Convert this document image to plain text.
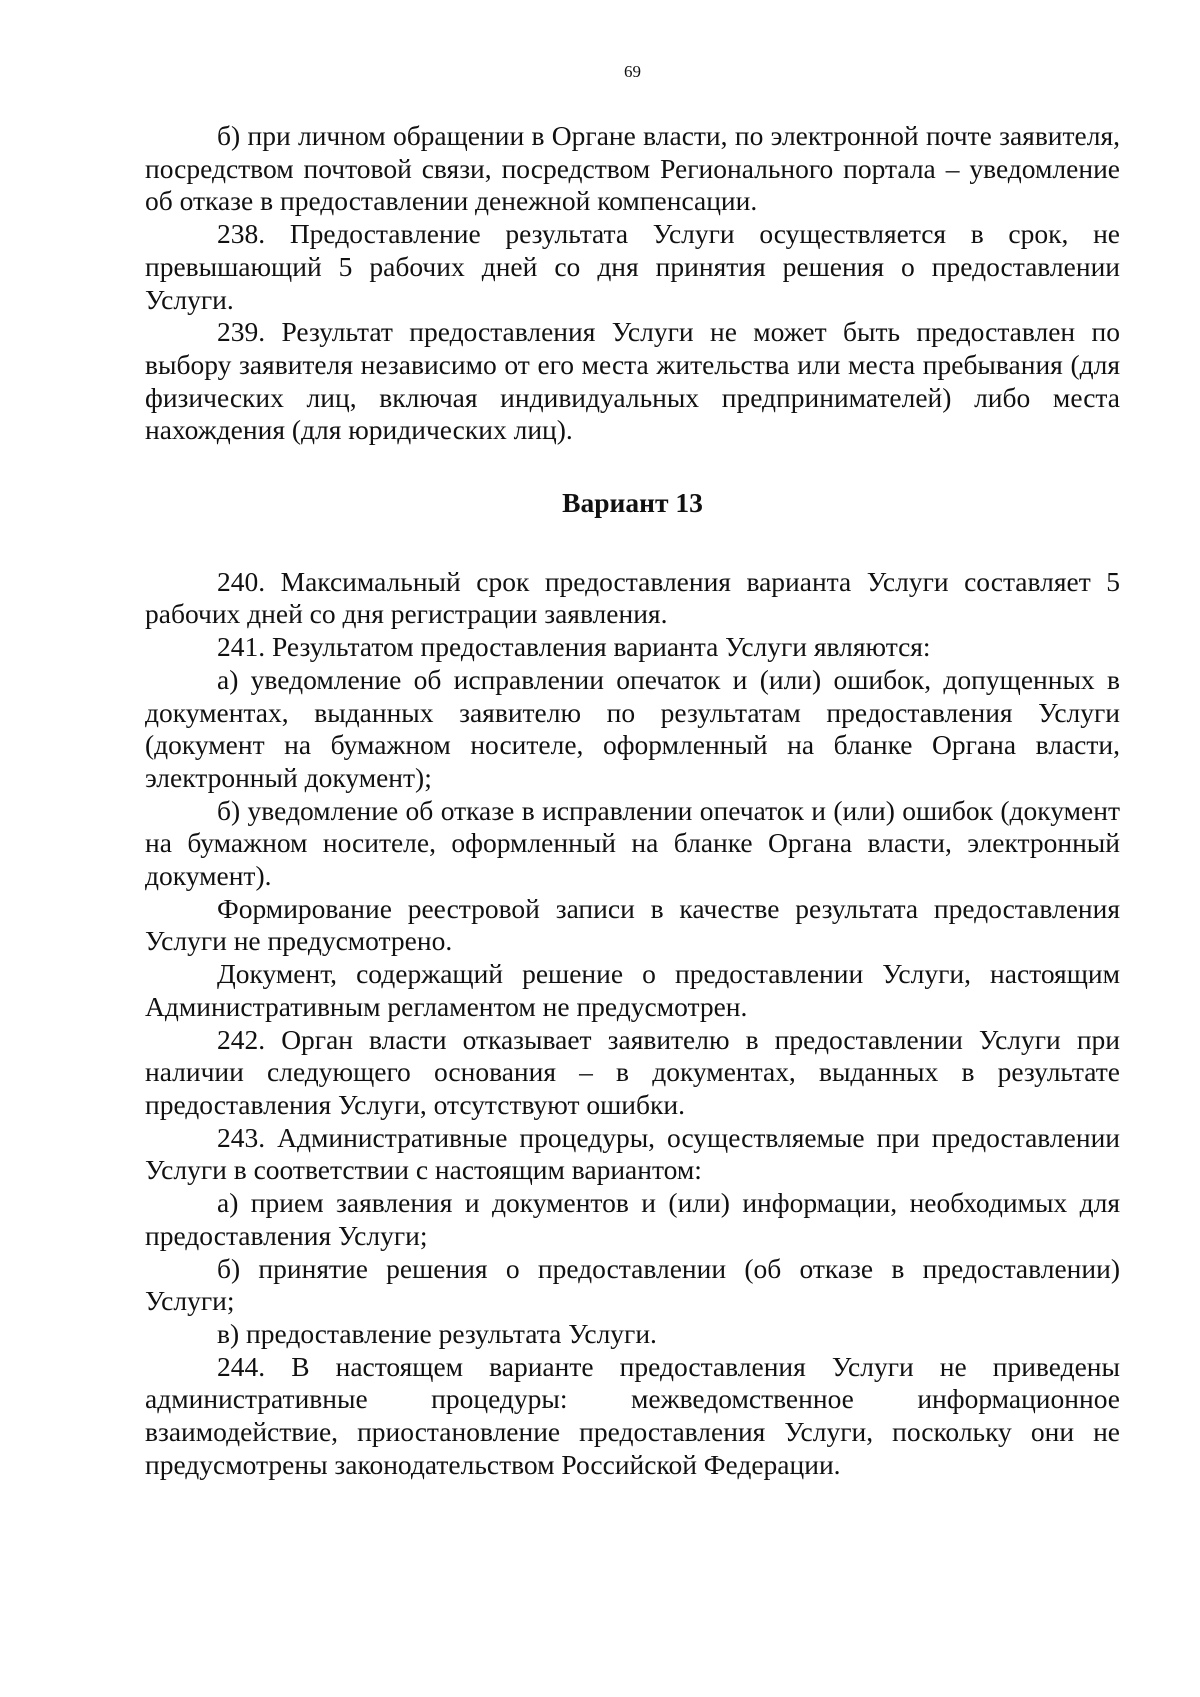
69

б) при личном обращении в Органе власти, по электронной почте заявителя, посредством почтовой связи, посредством Регионального портала – уведомление об отказе в предоставлении денежной компенсации.

238. Предоставление результата Услуги осуществляется в срок, не превышающий 5 рабочих дней со дня принятия решения о предоставлении Услуги.

239. Результат предоставления Услуги не может быть предоставлен по выбору заявителя независимо от его места жительства или места пребывания (для физических лиц, включая индивидуальных предпринимателей) либо места нахождения (для юридических лиц).

Вариант 13

240. Максимальный срок предоставления варианта Услуги составляет 5 рабочих дней со дня регистрации заявления.

241. Результатом предоставления варианта Услуги являются:

а) уведомление об исправлении опечаток и (или) ошибок, допущенных в документах, выданных заявителю по результатам предоставления Услуги (документ на бумажном носителе, оформленный на бланке Органа власти, электронный документ);

б) уведомление об отказе в исправлении опечаток и (или) ошибок (документ на бумажном носителе, оформленный на бланке Органа власти, электронный документ).

Формирование реестровой записи в качестве результата предоставления Услуги не предусмотрено.

Документ, содержащий решение о предоставлении Услуги, настоящим Административным регламентом не предусмотрен.

242. Орган власти отказывает заявителю в предоставлении Услуги при наличии следующего основания – в документах, выданных в результате предоставления Услуги, отсутствуют ошибки.

243. Административные процедуры, осуществляемые при предоставлении Услуги в соответствии с настоящим вариантом:

а) прием заявления и документов и (или) информации, необходимых для предоставления Услуги;

б) принятие решения о предоставлении (об отказе в предоставлении) Услуги;

в) предоставление результата Услуги.

244. В настоящем варианте предоставления Услуги не приведены административные процедуры: межведомственное информационное взаимодействие, приостановление предоставления Услуги, поскольку они не предусмотрены законодательством Российской Федерации.
